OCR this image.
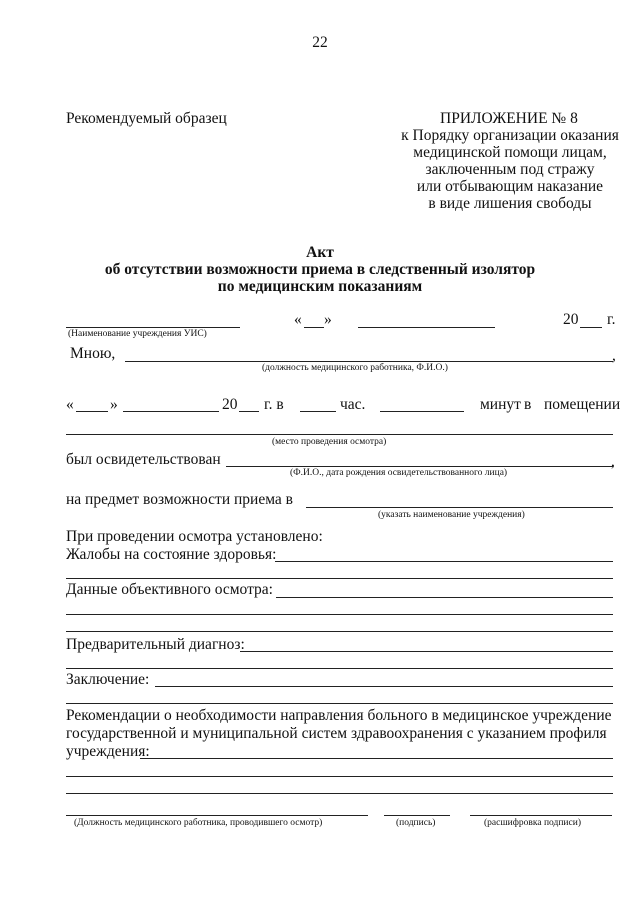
22
Рекомендуемый образец	ПРИЛОЖЕНИЕ № 8
к Порядку организации оказания
медицинской помощи лицам,
заключенным под стражу
или отбывающим наказание
в виде лишения свободы
Акт
об отсутствии возможности приема в следственный изолятор
по медицинским показаниям
(Наименование учреждения УИС)
« »	20 г.
Мною,	,
(должность медицинского работника, Ф.И.О.)
« »	20 г. в	час.	минут в помещении
(место проведения осмотра)
был освидетельствован	,
(Ф.И.О., дата рождения освидетельствованного лица)
на предмет возможности приема в
(указать наименование учреждения)
При проведении осмотра установлено:
Жалобы на состояние здоровья:
Данные объективного осмотра:
Предварительный диагноз:
Заключение:
Рекомендации о необходимости направления больного в медицинское учреждение
государственной и муниципальной систем здравоохранения с указанием профиля
учреждения:
(Должность медицинского работника, проводившего осмотр)	(подпись)	(расшифровка подписи)
